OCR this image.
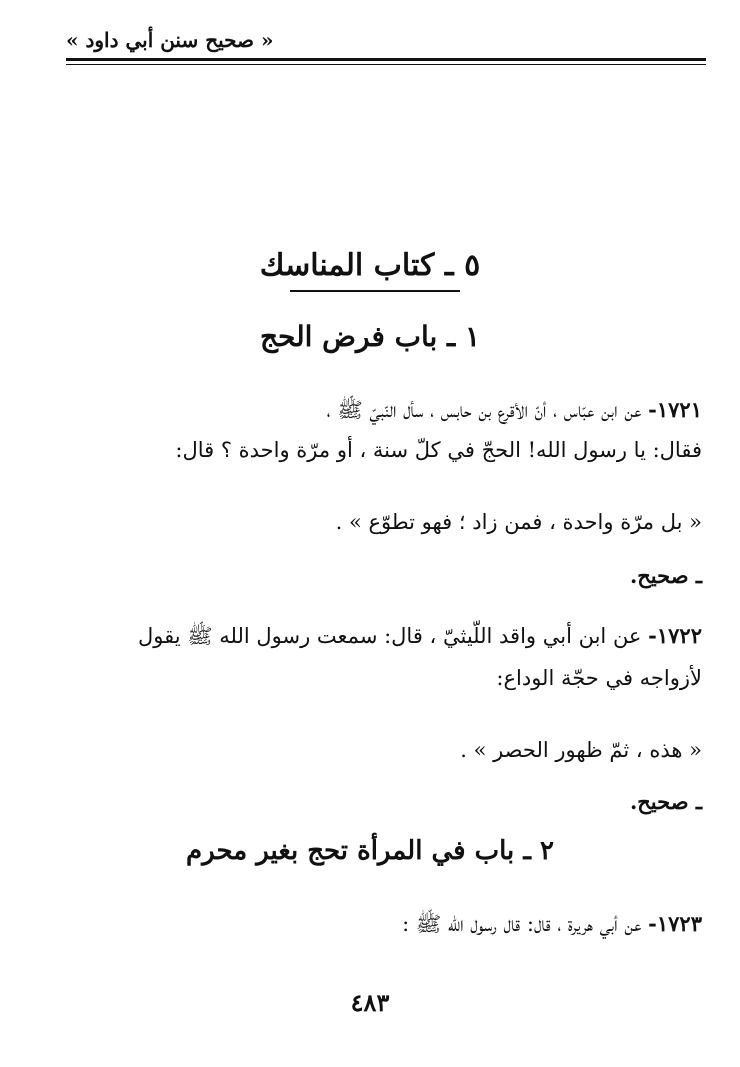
« صحيح سنن أبي داود »
٥ ـ كتاب المناسك
١ ـ باب فرض الحج
١٧٢١- عن ابن عبّاس ، أنّ الأقرع بن حابس ، سأل النّبيّ ﷺ ،
فقال: يا رسول الله! الحجّ في كلّ سنة ، أو مرّة واحدة ؟ قال:
« بل مرّة واحدة ، فمن زاد ؛ فهو تطوّع » .
ـ صحيح.
١٧٢٢- عن ابن أبي واقد اللّيثيّ ، قال: سمعت رسول الله ﷺ يقول
لأزواجه في حجّة الوداع:
« هذه ، ثمّ ظهور الحصر » .
ـ صحيح.
٢ ـ باب في المرأة تحج بغير محرم
١٧٢٣- عن أبي هريرة ، قال: قال رسول الله ﷺ :
٤٨٣
